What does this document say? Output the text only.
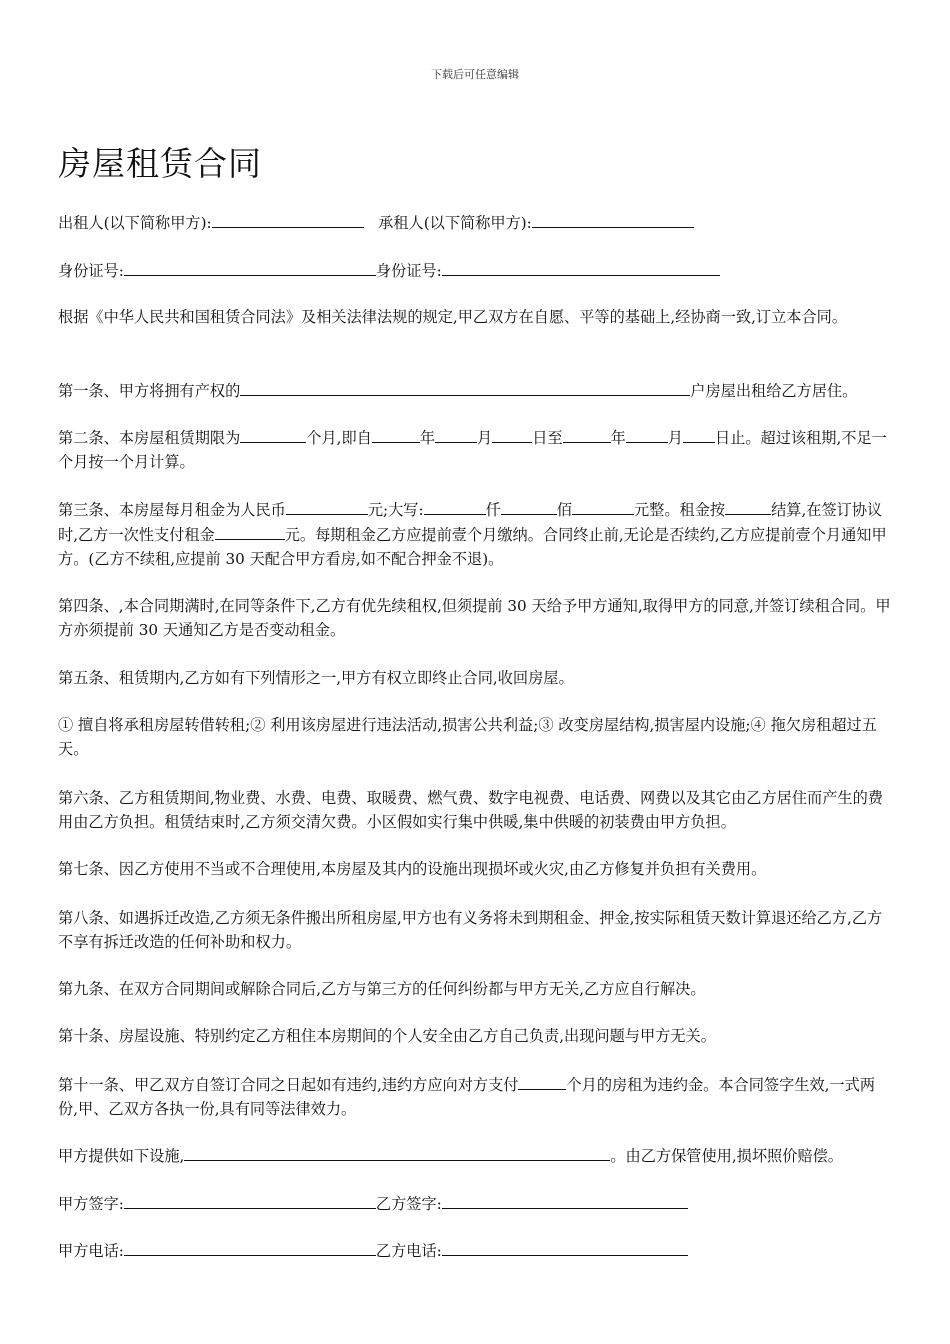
下载后可任意编辑
房屋租赁合同

出租人(以下简称甲方):	承租人(以下简称甲方):

身份证号:	身份证号:

根据《中华人民共和国租赁合同法》及相关法律法规的规定,甲乙双方在自愿、平等的基础上,经协商一致,订立本合同。

第一条、甲方将拥有产权的	户房屋出租给乙方居住。

第二条、本房屋租赁期限为	个月,即自	年	月	日至	年	月 日止。超过该租期,不足一个月按一个月计算。

第三条、本房屋每月租金为人民币	元;大写:	仟	佰	元整。租金按	结算,在签订协议时,乙方一次性支付租金	元。每期租金乙方应提前壹个月缴纳。合同终止前,无论是否续约,乙方应提前壹个月通知甲方。(乙方不续租,应提前 30 天配合甲方看房,如不配合押金不退)。

第四条、,本合同期满时,在同等条件下,乙方有优先续租权,但须提前 30 天给予甲方通知,取得甲方的同意,并签订续租合同。甲方亦须提前 30 天通知乙方是否变动租金。

第五条、租赁期内,乙方如有下列情形之一,甲方有权立即终止合同,收回房屋。

① 擅自将承租房屋转借转租;② 利用该房屋进行违法活动,损害公共利益;③ 改变房屋结构,损害屋内设施;④ 拖欠房租超过五天。

第六条、乙方租赁期间,物业费、水费、电费、取暖费、燃气费、数字电视费、电话费、网费以及其它由乙方居住而产生的费用由乙方负担。租赁结束时,乙方须交清欠费。小区假如实行集中供暖,集中供暖的初装费由甲方负担。

第七条、因乙方使用不当或不合理使用,本房屋及其内的设施出现损坏或火灾,由乙方修复并负担有关费用。

第八条、如遇拆迁改造,乙方须无条件搬出所租房屋,甲方也有义务将未到期租金、押金,按实际租赁天数计算退还给乙方,乙方不享有拆迁改造的任何补助和权力。

第九条、在双方合同期间或解除合同后,乙方与第三方的任何纠纷都与甲方无关,乙方应自行解决。

第十条、房屋设施、特别约定乙方租住本房期间的个人安全由乙方自己负责,出现问题与甲方无关。

第十一条、甲乙双方自签订合同之日起如有违约,违约方应向对方支付	个月的房租为违约金。本合同签字生效,一式两份,甲、乙双方各执一份,具有同等法律效力。

甲方提供如下设施,	。由乙方保管使用,损坏照价赔偿。

甲方签字:	乙方签字:

甲方电话:	乙方电话:
